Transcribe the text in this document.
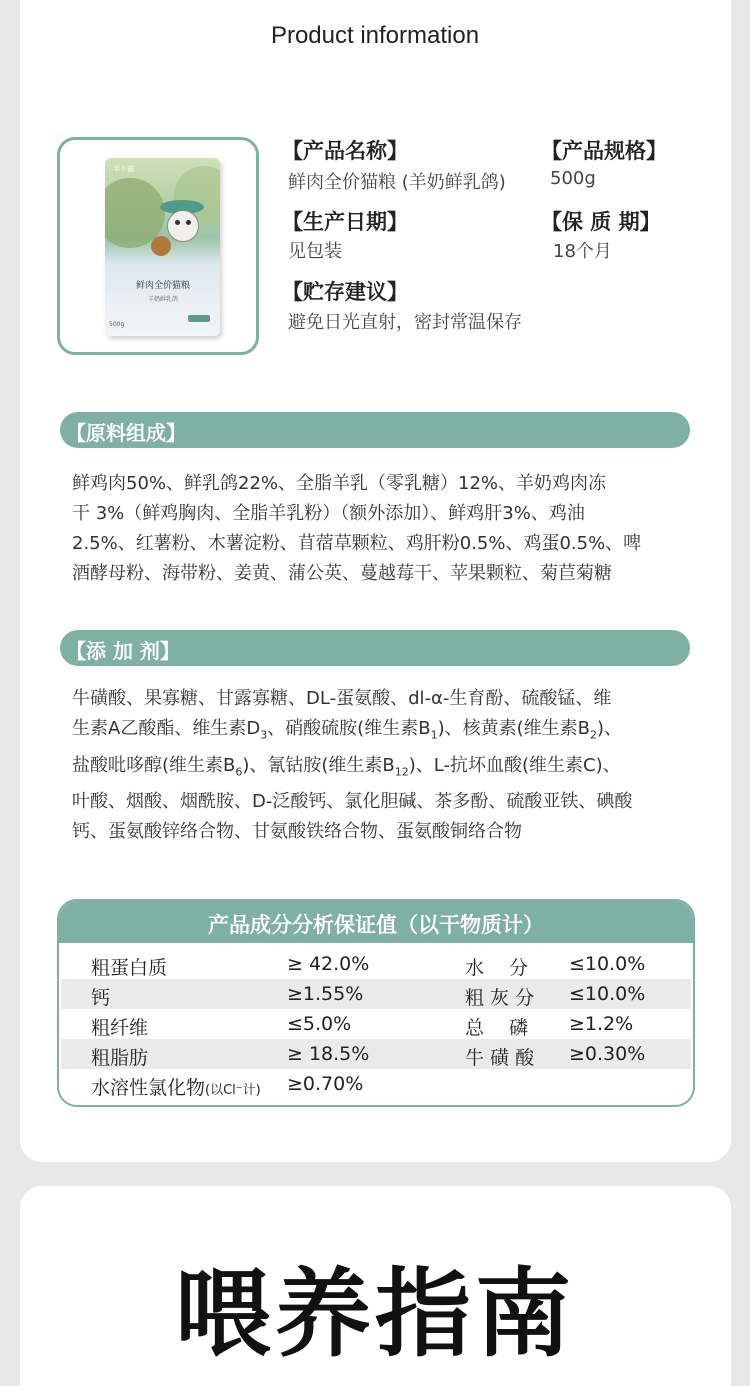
Product information
半小猫
鲜肉全价猫粮
羊奶鲜乳鸽
500g
【产品名称】
鲜肉全价猫粮 (羊奶鲜乳鸽)
【产品规格】
500g
【生产日期】
见包装
【保 质 期】
18个月
【贮存建议】
避免日光直射，密封常温保存
【原料组成】
鲜鸡肉50%、鲜乳鸽22%、全脂羊乳（零乳糖）12%、羊奶鸡肉冻
干 3%（鲜鸡胸肉、全脂羊乳粉）（额外添加）、鲜鸡肝3%、鸡油
2.5%、红薯粉、木薯淀粉、苜蓿草颗粒、鸡肝粉0.5%、鸡蛋0.5%、啤
酒酵母粉、海带粉、姜黄、蒲公英、蔓越莓干、苹果颗粒、菊苣菊糖
【添 加 剂】
牛磺酸、果寡糖、甘露寡糖、DL-蛋氨酸、dl-α-生育酚、硫酸锰、维
生素A乙酸酯、维生素$D_3$、硝酸硫胺(维生素$B_1$)、核黄素(维生素$B_2$)、
盐酸吡哆醇(维生素$B_6$)、氰钴胺(维生素$B_{12}$)、L-抗坏血酸(维生素C)、
叶酸、烟酸、烟酰胺、D-泛酸钙、氯化胆碱、茶多酚、硫酸亚铁、碘酸
钙、蛋氨酸锌络合物、甘氨酸铁络合物、蛋氨酸铜络合物
产品成分分析保证值（以干物质计）
粗蛋白质	≥ 42.0%	水　 分 ≤10.0%
钙	≥1.55%	粗 灰 分 ≤10.0%
粗纤维	≤5.0%	总　 磷 ≥1.2%
粗脂肪	≥ 18.5%	牛 磺 酸 ≥0.30%
水溶性氯化物(以Cl⁻计) ≥0.70%
喂养指南
